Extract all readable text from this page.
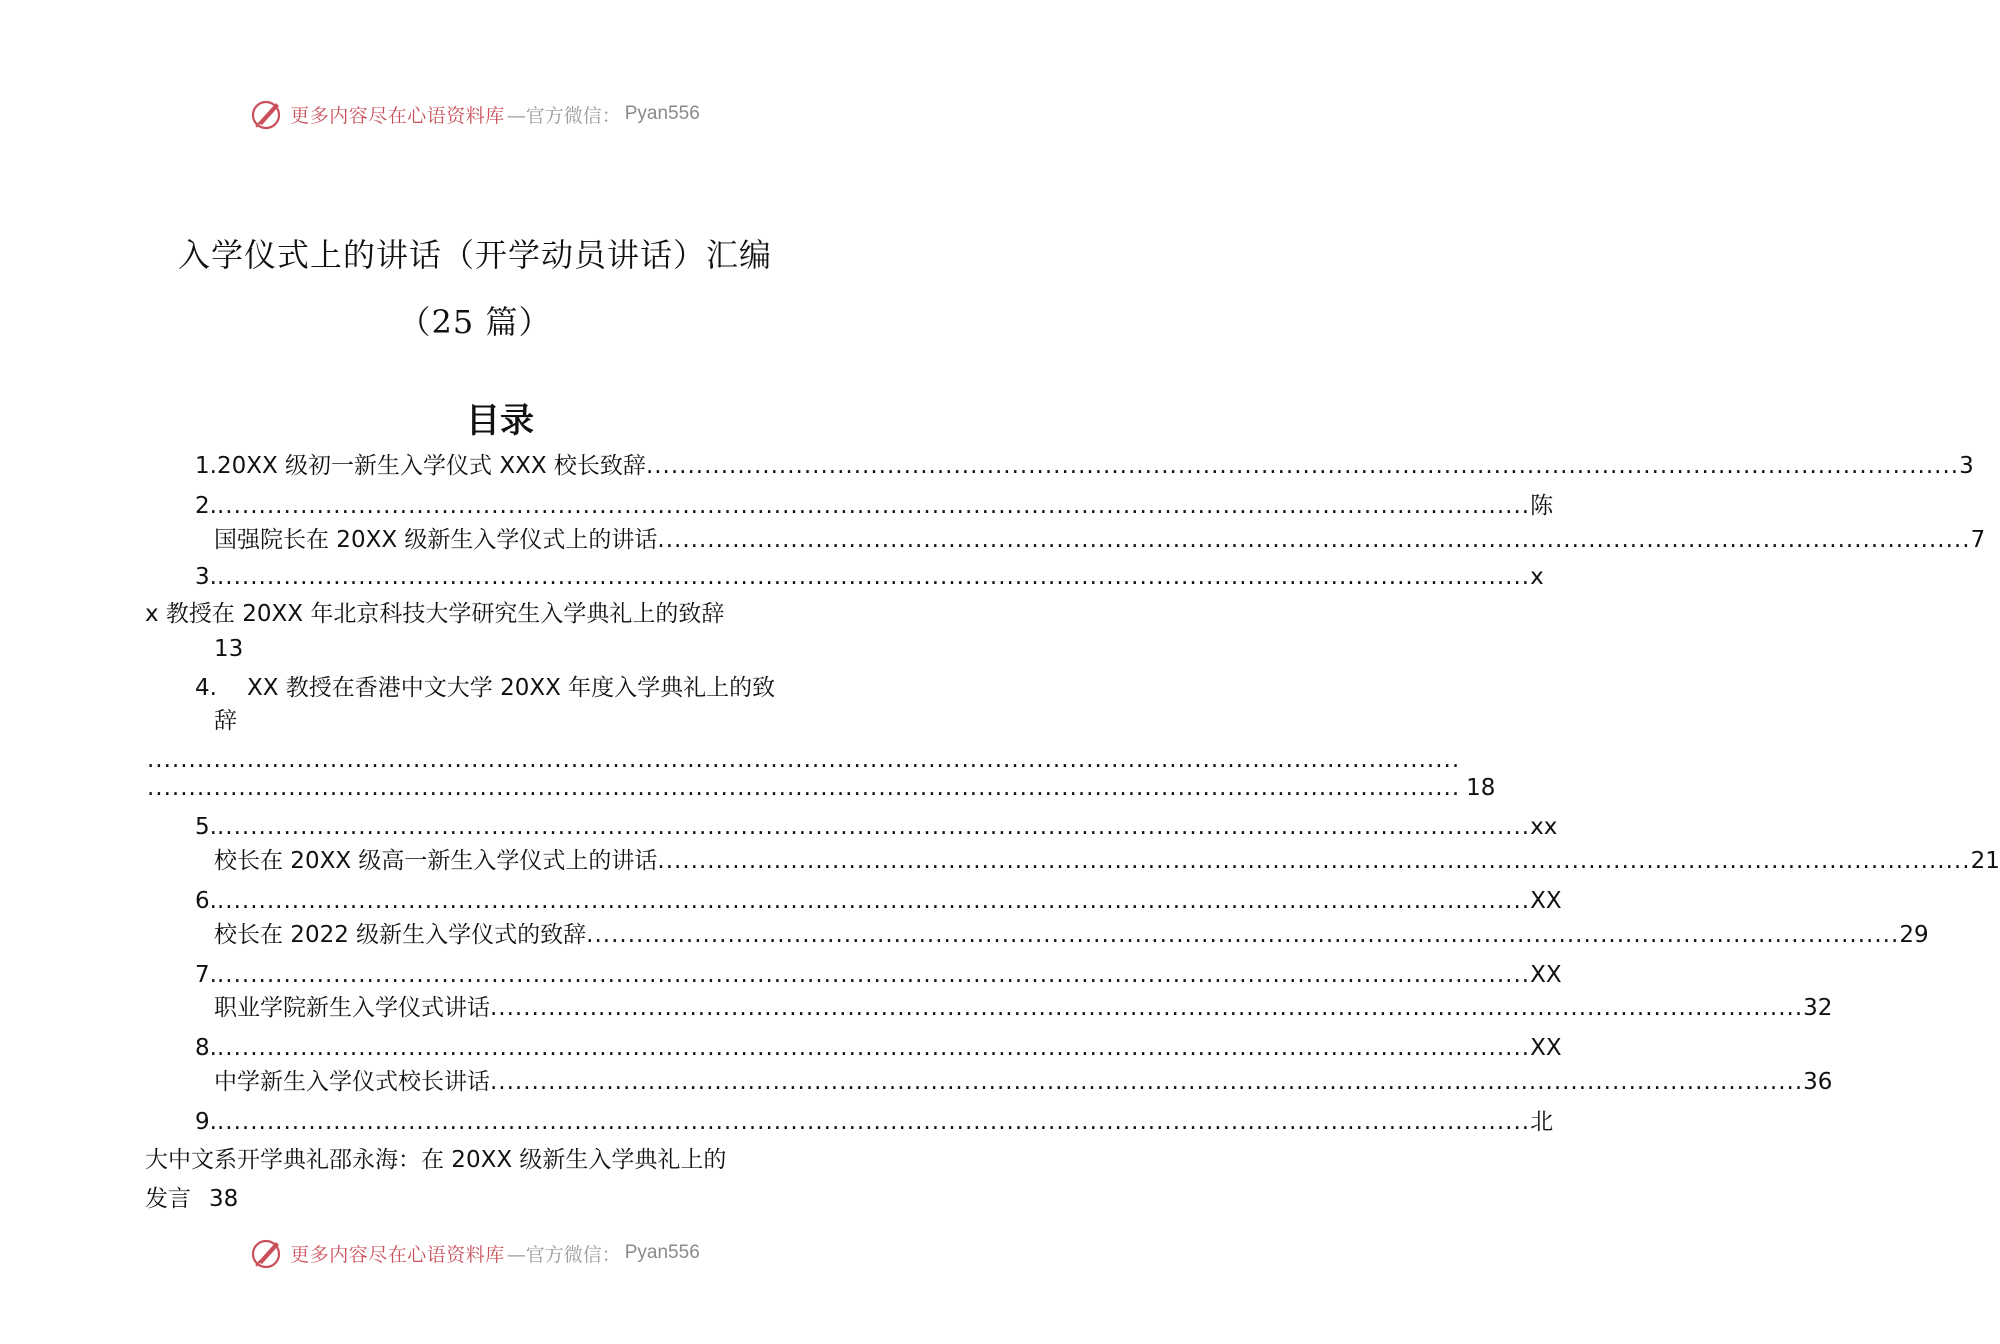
更多内容尽在心语资料库 —官方微信： Pyan556
入学仪式上的讲话（开学动员讲话）汇编
（25 篇）
目录
1. 20XX 级初一新生入学仪式 XXX 校长致辞 .............................................................................................................................................................. 3
2. .............................................................................................................................................................. 陈
国强院长在 20XX 级新生入学仪式上的讲话 .............................................................................................................................................................. 7
3. .............................................................................................................................................................. x
x 教授在 20XX 年北京科技大学研究生入学典礼上的致辞
13
4. XX 教授在香港中文大学 20XX 年度入学典礼上的致
辞
..............................................................................................................................................................
.............................................................................................................................................................. 18
5. .............................................................................................................................................................. xx
校长在 20XX 级高一新生入学仪式上的讲话 .............................................................................................................................................................. 21
6. .............................................................................................................................................................. XX
校长在 2022 级新生入学仪式的致辞 .............................................................................................................................................................. 29
7. .............................................................................................................................................................. XX
职业学院新生入学仪式讲话 .............................................................................................................................................................. 32
8. .............................................................................................................................................................. XX
中学新生入学仪式校长讲话 .............................................................................................................................................................. 36
9. .............................................................................................................................................................. 北
大中文系开学典礼邵永海：在 20XX 级新生入学典礼上的
发言 38
更多内容尽在心语资料库 —官方微信： Pyan556
